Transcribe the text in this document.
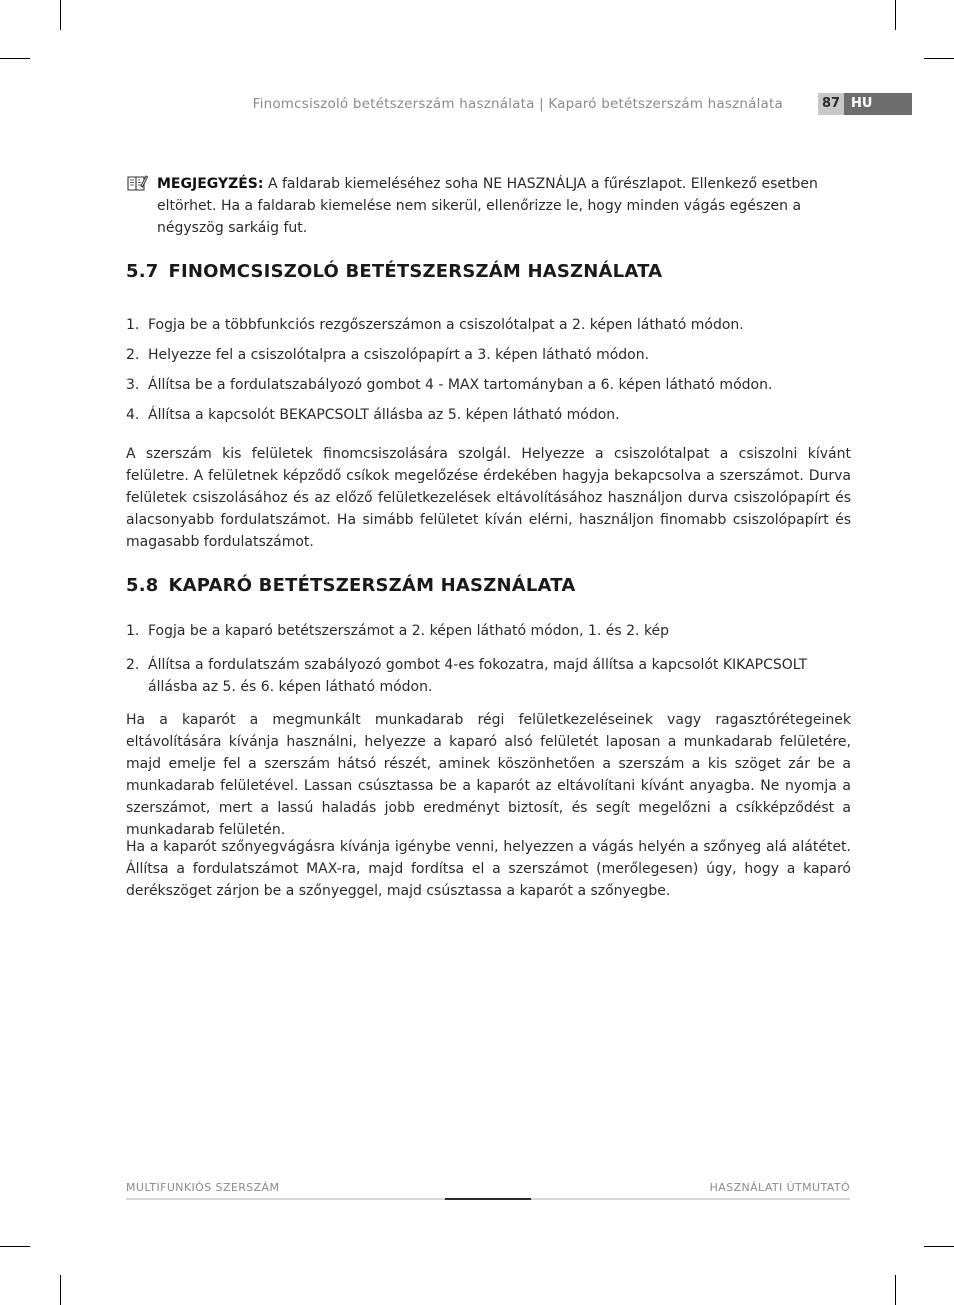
Finomcsiszoló betétszerszám használata | Kaparó betétszerszám használata	87 HU
MEGJEGYZÉS: A faldarab kiemeléséhez soha NE HASZNÁLJA a fűrészlapot. Ellenkező esetben eltörhet. Ha a faldarab kiemelése nem sikerül, ellenőrizze le, hogy minden vágás egészen a négyszög sarkáig fut.
5.7 FINOMCSISZOLÓ BETÉTSZERSZÁM HASZNÁLATA
1. Fogja be a többfunkciós rezgőszerszámon a csiszolótalpat a 2. képen látható módon.
2. Helyezze fel a csiszolótalpra a csiszolópapírt a 3. képen látható módon.
3. Állítsa be a fordulatszabályozó gombot 4 - MAX tartományban a 6. képen látható módon.
4. Állítsa a kapcsolót BEKAPCSOLT állásba az 5. képen látható módon.

A szerszám kis felületek finomcsiszolására szolgál. Helyezze a csiszolótalpat a csiszolni kívánt felületre. A felületnek képződő csíkok megelőzése érdekében hagyja bekapcsolva a szerszámot. Durva felületek csiszolásához és az előző felületkezelések eltávolításához használjon durva csiszolópapírt és alacsonyabb fordulatszámot. Ha simább felületet kíván elérni, használjon finomabb csiszolópapírt és magasabb fordulatszámot.

5.8 KAPARÓ BETÉTSZERSZÁM HASZNÁLATA
1. Fogja be a kaparó betétszerszámot a 2. képen látható módon, 1. és 2. kép
2. Állítsa a fordulatszám szabályozó gombot 4-es fokozatra, majd állítsa a kapcsolót KIKAPCSOLT állásba az 5. és 6. képen látható módon.

Ha a kaparót a megmunkált munkadarab régi felületkezeléseinek vagy ragasztórétegeinek eltávolítására kívánja használni, helyezze a kaparó alsó felületét laposan a munkadarab felületére, majd emelje fel a szerszám hátsó részét, aminek köszönhetően a szerszám a kis szöget zár be a munkadarab felületével. Lassan csúsztassa be a kaparót az eltávolítani kívánt anyagba. Ne nyomja a szerszámot, mert a lassú haladás jobb eredményt biztosít, és segít megelőzni a csíkképződést a munkadarab felületén.

Ha a kaparót szőnyegvágásra kívánja igénybe venni, helyezzen a vágás helyén a szőnyeg alá alátétet. Állítsa a fordulatszámot MAX-ra, majd fordítsa el a szerszámot (merőlegesen) úgy, hogy a kaparó derékszöget zárjon be a szőnyeggel, majd csúsztassa a kaparót a szőnyegbe.

MULTIFUNKIÓS SZERSZÁM	HASZNÁLATI ÚTMUTATÓ
